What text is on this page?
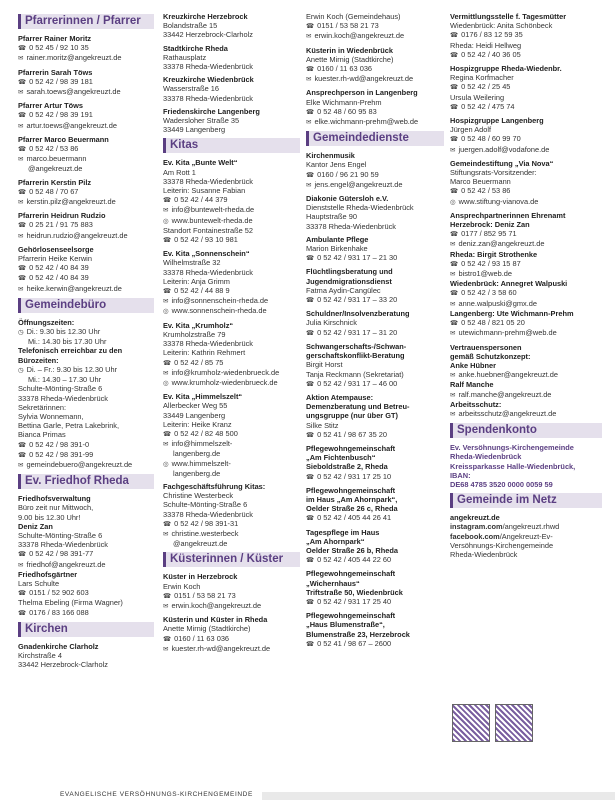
Pfarrerinnen / Pfarrer
Pfarrer Rainer Moritz
☎ 0 52 45 / 92 10 35
✉ rainer.moritz@angekreuzt.de
Pfarrerin Sarah Töws
☎ 0 52 42 / 98 39 181
✉ sarah.toews@angekreuzt.de
Pfarrer Artur Töws
☎ 0 52 42 / 98 39 191
✉ artur.toews@angekreuzt.de
Pfarrer Marco Beuermann
☎ 0 52 42 / 53 86
✉ marco.beuermann
@angekreuzt.de
Pfarrerin Kerstin Pilz
☎ 0 52 48 / 70 67
✉ kerstin.pilz@angekreuzt.de
Pfarrerin Heidrun Rudzio
☎ 0 25 21 / 91 75 883
✉ heidrun.rudzio@angekreuzt.de
Gehörlosenseelsorge
Pfarrerin Heike Kerwin
☎ 0 52 42 / 40 84 39
☎ 0 52 42 / 40 84 39
✉ heike.kerwin@angekreuzt.de
Gemeindebüro
Öffnungszeiten:
◷ Di.: 9.30 bis 12.30 Uhr
Mi.: 14.30 bis 17.30 Uhr
Telefonisch erreichbar zu den
Bürozeiten:
◷ Di. – Fr.: 9.30 bis 12.30 Uhr
Mi.: 14.30 – 17.30 Uhr
Schulte-Mönting-Straße 6
33378 Rheda-Wiedenbrück
Sekretärinnen:
Sylvia Wonnemann,
Bettina Garle, Petra Lakebrink,
Bianca Primas
☎ 0 52 42 / 98 391-0
☎ 0 52 42 / 98 391-99
✉ gemeindebuero@angekreuzt.de
Ev. Friedhof Rheda
Friedhofsverwaltung
Büro zeit nur Mittwoch,
9.00 bis 12.30 Uhr!
Deniz Zan
Schulte-Mönting-Straße 6
33378 Rheda-Wiedenbrück
☎ 0 52 42 / 98 391-77
✉ friedhof@angekreuzt.de
Friedhofsgärtner
Lars Schulte
☎ 0151 / 52 902 603
Thelma Ebeling (Firma Wagner)
☎ 0176 / 83 166 088
Kirchen
Gnadenkirche Clarholz
Kirchstraße 4
33442 Herzebrock-Clarholz
Kreuzkirche Herzebrock
Bolandstraße 15
33442 Herzebrock-Clarholz
Stadtkirche Rheda
Rathausplatz
33378 Rheda-Wiedenbrück
Kreuzkirche Wiedenbrück
Wasserstraße 16
33378 Rheda-Wiedenbrück
Friedenskirche Langenberg
Wadersloher Straße 35
33449 Langenberg
Kitas
Ev. Kita „Bunte Welt“
Am Rott 1
33378 Rheda-Wiedenbrück
Leiterin: Susanne Fabian
☎ 0 52 42 / 44 379
✉ info@buntewelt-rheda.de
◎ www.buntewelt-rheda.de
Standort Fontainestraße 52
☎ 0 52 42 / 93 10 981
Ev. Kita „Sonnenschein“
Wilhelmstraße 32
33378 Rheda-Wiedenbrück
Leiterin: Anja Grimm
☎ 0 52 42 / 44 88 9
✉ info@sonnenschein-rheda.de
◎ www.sonnenschein-rheda.de
Ev. Kita „Krumholz“
Krumholzstraße 79
33378 Rheda-Wiedenbrück
Leiterin: Kathrin Rehmert
☎ 0 52 42 / 85 75
✉ info@krumholz-wiedenbrueck.de
◎ www.krumholz-wiedenbrueck.de
Ev. Kita „Himmelszelt“
Allerbecker Weg 55
33449 Langenberg
Leiterin: Heike Kranz
☎ 0 52 42 / 82 48 500
✉ info@himmelszelt-
langenberg.de
◎ www.himmelszelt-
langenberg.de
Fachgeschäftsführung Kitas:
Christine Westerbeck
Schulte-Mönting-Straße 6
33378 Rheda-Wiedenbrück
☎ 0 52 42 / 98 391-31
✉ christine.westerbeck
@angekreuzt.de
Küsterinnen / Küster
Küster in Herzebrock
Erwin Koch
☎ 0151 / 53 58 21 73
✉ erwin.koch@angekreuzt.de
Küsterin und Küster in Rheda
Anette Mirnig (Stadtkirche)
☎ 0160 / 11 63 036
✉ kuester.rh-wd@angekreuzt.de
Erwin Koch (Gemeindehaus)
☎ 0151 / 53 58 21 73
✉ erwin.koch@angekreuzt.de
Küsterin in Wiedenbrück
Anette Mirnig (Stadtkirche)
☎ 0160 / 11 63 036
✉ kuester.rh-wd@angekreuzt.de
Ansprechperson in Langenberg
Elke Wichmann-Prehm
☎ 0 52 48 / 60 95 83
✉ elke.wichmann-prehm@web.de
Gemeindedienste
Kirchenmusik
Kantor Jens Engel
☎ 0160 / 96 21 90 59
✉ jens.engel@angekreuzt.de
Diakonie Gütersloh e.V.
Dienststelle Rheda-Wiedenbrück
Hauptstraße 90
33378 Rheda-Wiedenbrück
Ambulante Pflege
Marion Birkenhake
☎ 0 52 42 / 931 17 – 21 30
Flüchtlingsberatung und
Jugendmigrationsdienst
Fatma Aydin-Cangülec
☎ 0 52 42 / 931 17 – 33 20
Schuldner/Insolvenzberatung
Julia Kirschnick
☎ 0 52 42 / 931 17 – 31 20
Schwangerschafts-/Schwan-
gerschaftskonflikt-Beratung
Birgit Horst
Tanja Reckmann (Sekretariat)
☎ 0 52 42 / 931 17 – 46 00
Aktion Atempause:
Demenzberatung und Betreu-
ungsgruppe (nur über GT)
Silke Stitz
☎ 0 52 41 / 98 67 35 20
Pflegewohngemeinschaft
„Am Fichtenbusch“
Sieboldstraße 2, Rheda
☎ 0 52 42 / 931 17 25 10
Pflegewohngemeinschaft
im Haus „Am Ahornpark“,
Oelder Straße 26 c, Rheda
☎ 0 52 42 / 405 44 26 41
Tagespflege im Haus
„Am Ahornpark“
Oelder Straße 26 b, Rheda
☎ 0 52 42 / 405 44 22 60
Pflegewohngemeinschaft
„Wichernhaus“
Triftstraße 50, Wiedenbrück
☎ 0 52 42 / 931 17 25 40
Pflegewohngemeinschaft
„Haus Blumenstraße“,
Blumenstraße 23, Herzebrock
☎ 0 52 41 / 98 67 – 2600
Vermittlungsstelle f. Tagesmütter
Wiedenbrück: Anita Schönbeck
☎ 0176 / 83 12 59 35
Rheda: Heidi Hellweg
☎ 0 52 42 / 40 36 05
Hospizgruppe Rheda-Wiedenbr.
Regina Korfmacher
☎ 0 52 42 / 25 45
Ursula Weilering
☎ 0 52 42 / 475 74
Hospizgruppe Langenberg
Jürgen Adolf
☎ 0 52 48 / 60 99 70
✉ juergen.adolf@vodafone.de
Gemeindestiftung „Via Nova“
Stiftungsrats-Vorsitzender:
Marco Beuermann
☎ 0 52 42 / 53 86
◎ www.stiftung-vianova.de
Ansprechpartnerinnen Ehrenamt
Herzebrock: Deniz Zan
☎ 0177 / 852 95 71
✉ deniz.zan@angekreuzt.de
Rheda: Birgit Strothenke
☎ 0 52 42 / 93 15 87
✉ bistro1@web.de
Wiedenbrück: Annegret Walpuski
☎ 0 52 42 / 3 58 60
✉ anne.walpuski@gmx.de
Langenberg: Ute Wichmann-Prehm
☎ 0 52 48 / 821 05 20
✉ utewichmann-prehm@web.de
Vertrauenspersonen
gemäß Schutzkonzept:
Anke Hübner
✉ anke.huebner@angekreuzt.de
Ralf Manche
✉ ralf.manche@angekreuzt.de
Arbeitsschutz:
✉ arbeitsschutz@angekreuzt.de
Spendenkonto
Ev. Versöhnungs-Kirchengemeinde
Rheda-Wiedenbrück
Kreissparkasse Halle-Wiedenbrück,
IBAN:
DE68 4785 3520 0000 0059 59
Gemeinde im Netz
angekreuzt.de
instagram.com/angekreuzt.rhwd
facebook.com/Angekreuzt-Ev-
Versöhnungs-Kirchengemeinde
Rheda-Wiedenbrück
EVANGELISCHE VERSÖHNUNGS-KIRCHENGEMEINDE
